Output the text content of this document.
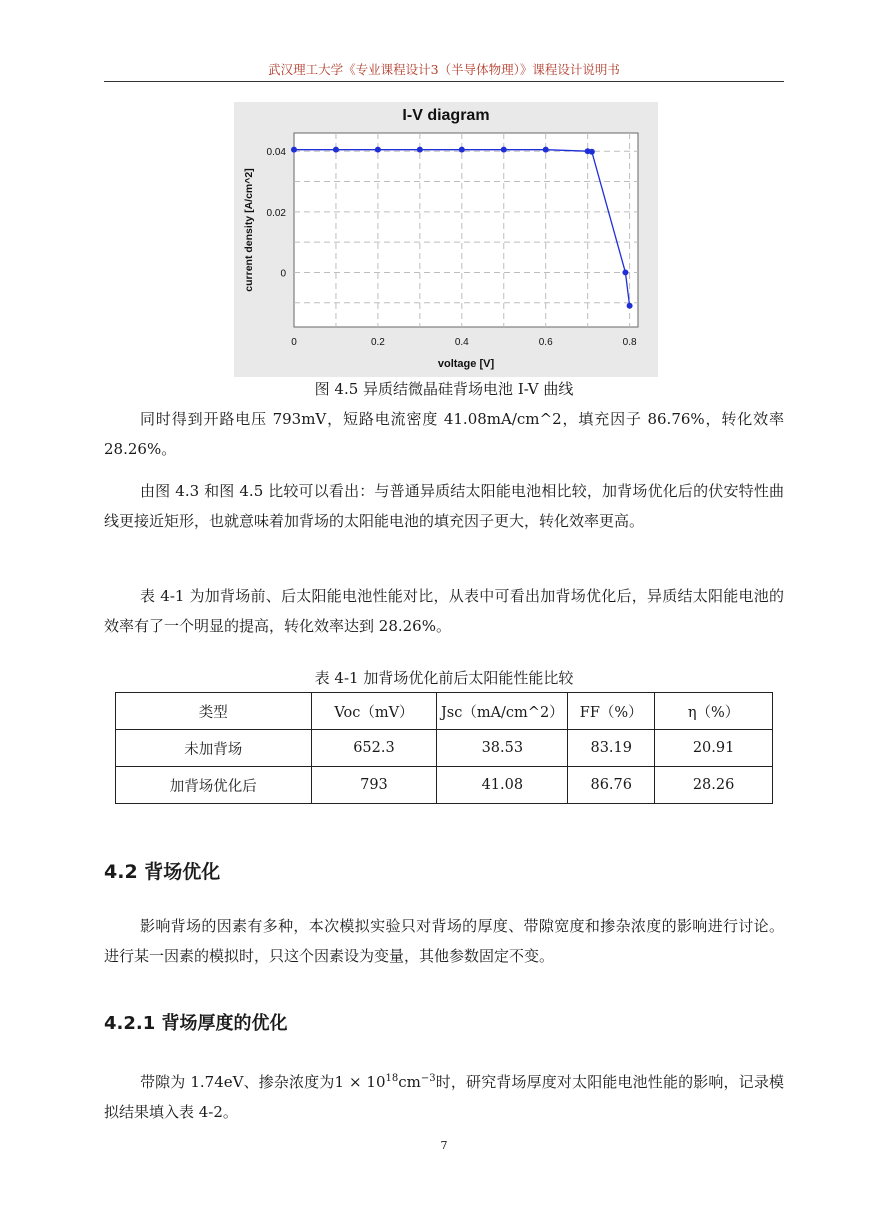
武汉理工大学《专业课程设计3（半导体物理）》课程设计说明书
I-V diagram
0	0.2	0.4	0.6	0.8
0.04
0.02
0
voltage [V]
current density [A/cm^2]
图 4.5 异质结微晶硅背场电池 I-V 曲线

同时得到开路电压 793mV，短路电流密度 41.08mA/cm^2，填充因子 86.76%，转化效率 28.26%。

由图 4.3 和图 4.5 比较可以看出：与普通异质结太阳能电池相比较，加背场优化后的伏安特性曲线更接近矩形，也就意味着加背场的太阳能电池的填充因子更大，转化效率更高。

表 4-1 为加背场前、后太阳能电池性能对比，从表中可看出加背场优化后，异质结太阳能电池的效率有了一个明显的提高，转化效率达到 28.26%。

表 4-1 加背场优化前后太阳能性能比较
类型	Voc（mV）	Jsc（mA/cm^2）	FF（%）	η（%）
未加背场	652.3	38.53	83.19	20.91
加背场优化后	793	41.08	86.76	28.26
4.2 背场优化

影响背场的因素有多种，本次模拟实验只对背场的厚度、带隙宽度和掺杂浓度的影响进行讨论。进行某一因素的模拟时，只这个因素设为变量，其他参数固定不变。

4.2.1 背场厚度的优化

带隙为 1.74eV、掺杂浓度为$1 \times 10^{18}cm^{-3}$时，研究背场厚度对太阳能电池性能的影响，记录模拟结果填入表 4-2。

7
